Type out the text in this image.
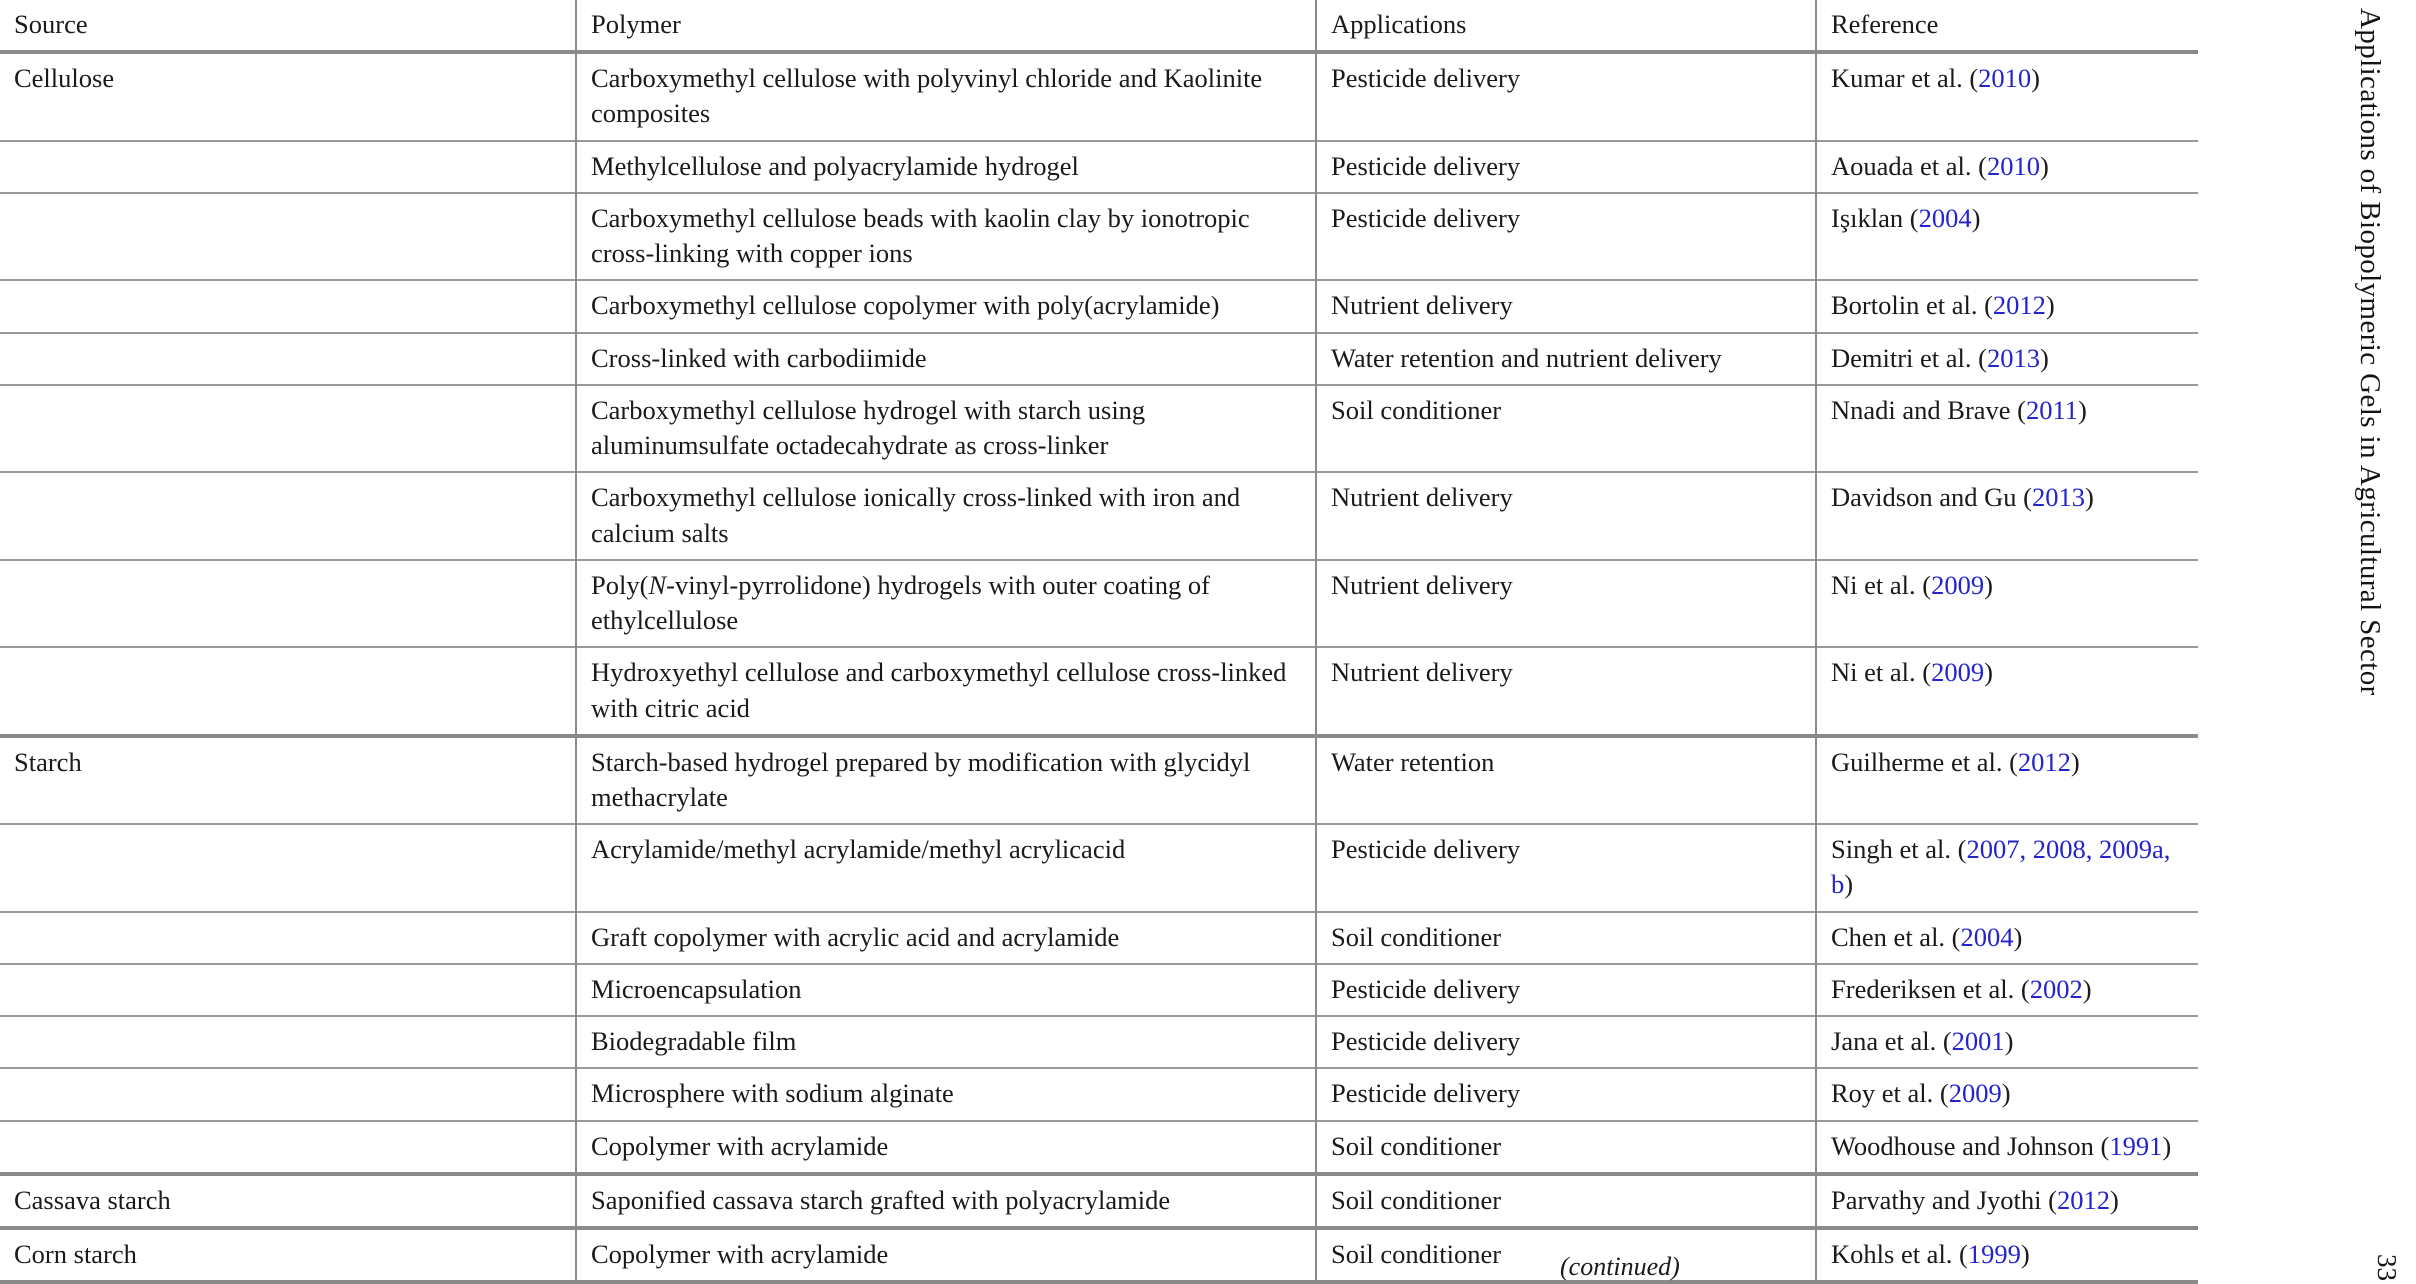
Source	Polymer	Applications	Reference
Cellulose	Carboxymethyl cellulose with polyvinyl chloride and Kaolinite composites	Pesticide delivery	Kumar et al. (2010)
	Methylcellulose and polyacrylamide hydrogel	Pesticide delivery	Aouada et al. (2010)
	Carboxymethyl cellulose beads with kaolin clay by ionotropic cross-linking with copper ions	Pesticide delivery	Işıklan (2004)
	Carboxymethyl cellulose copolymer with poly(acrylamide)	Nutrient delivery	Bortolin et al. (2012)
	Cross-linked with carbodiimide	Water retention and nutrient delivery	Demitri et al. (2013)
	Carboxymethyl cellulose hydrogel with starch using aluminumsulfate octadecahydrate as cross-linker	Soil conditioner	Nnadi and Brave (2011)
	Carboxymethyl cellulose ionically cross-linked with iron and calcium salts	Nutrient delivery	Davidson and Gu (2013)
	Poly(N-vinyl-pyrrolidone) hydrogels with outer coating of ethylcellulose	Nutrient delivery	Ni et al. (2009)
	Hydroxyethyl cellulose and carboxymethyl cellulose cross-linked with citric acid	Nutrient delivery	Ni et al. (2009)
Starch	Starch-based hydrogel prepared by modification with glycidyl methacrylate	Water retention	Guilherme et al. (2012)
	Acrylamide/methyl acrylamide/methyl acrylicacid	Pesticide delivery	Singh et al. (2007, 2008, 2009a, b)
	Graft copolymer with acrylic acid and acrylamide	Soil conditioner	Chen et al. (2004)
	Microencapsulation	Pesticide delivery	Frederiksen et al. (2002)
	Biodegradable film	Pesticide delivery	Jana et al. (2001)
	Microsphere with sodium alginate	Pesticide delivery	Roy et al. (2009)
	Copolymer with acrylamide	Soil conditioner	Woodhouse and Johnson (1991)
Cassava starch	Saponified cassava starch grafted with polyacrylamide	Soil conditioner	Parvathy and Jyothi (2012)
Corn starch	Copolymer with acrylamide	Soil conditioner	Kohls et al. (1999)
Applications of Biopolymeric Gels in Agricultural Sector
(continued)	33
